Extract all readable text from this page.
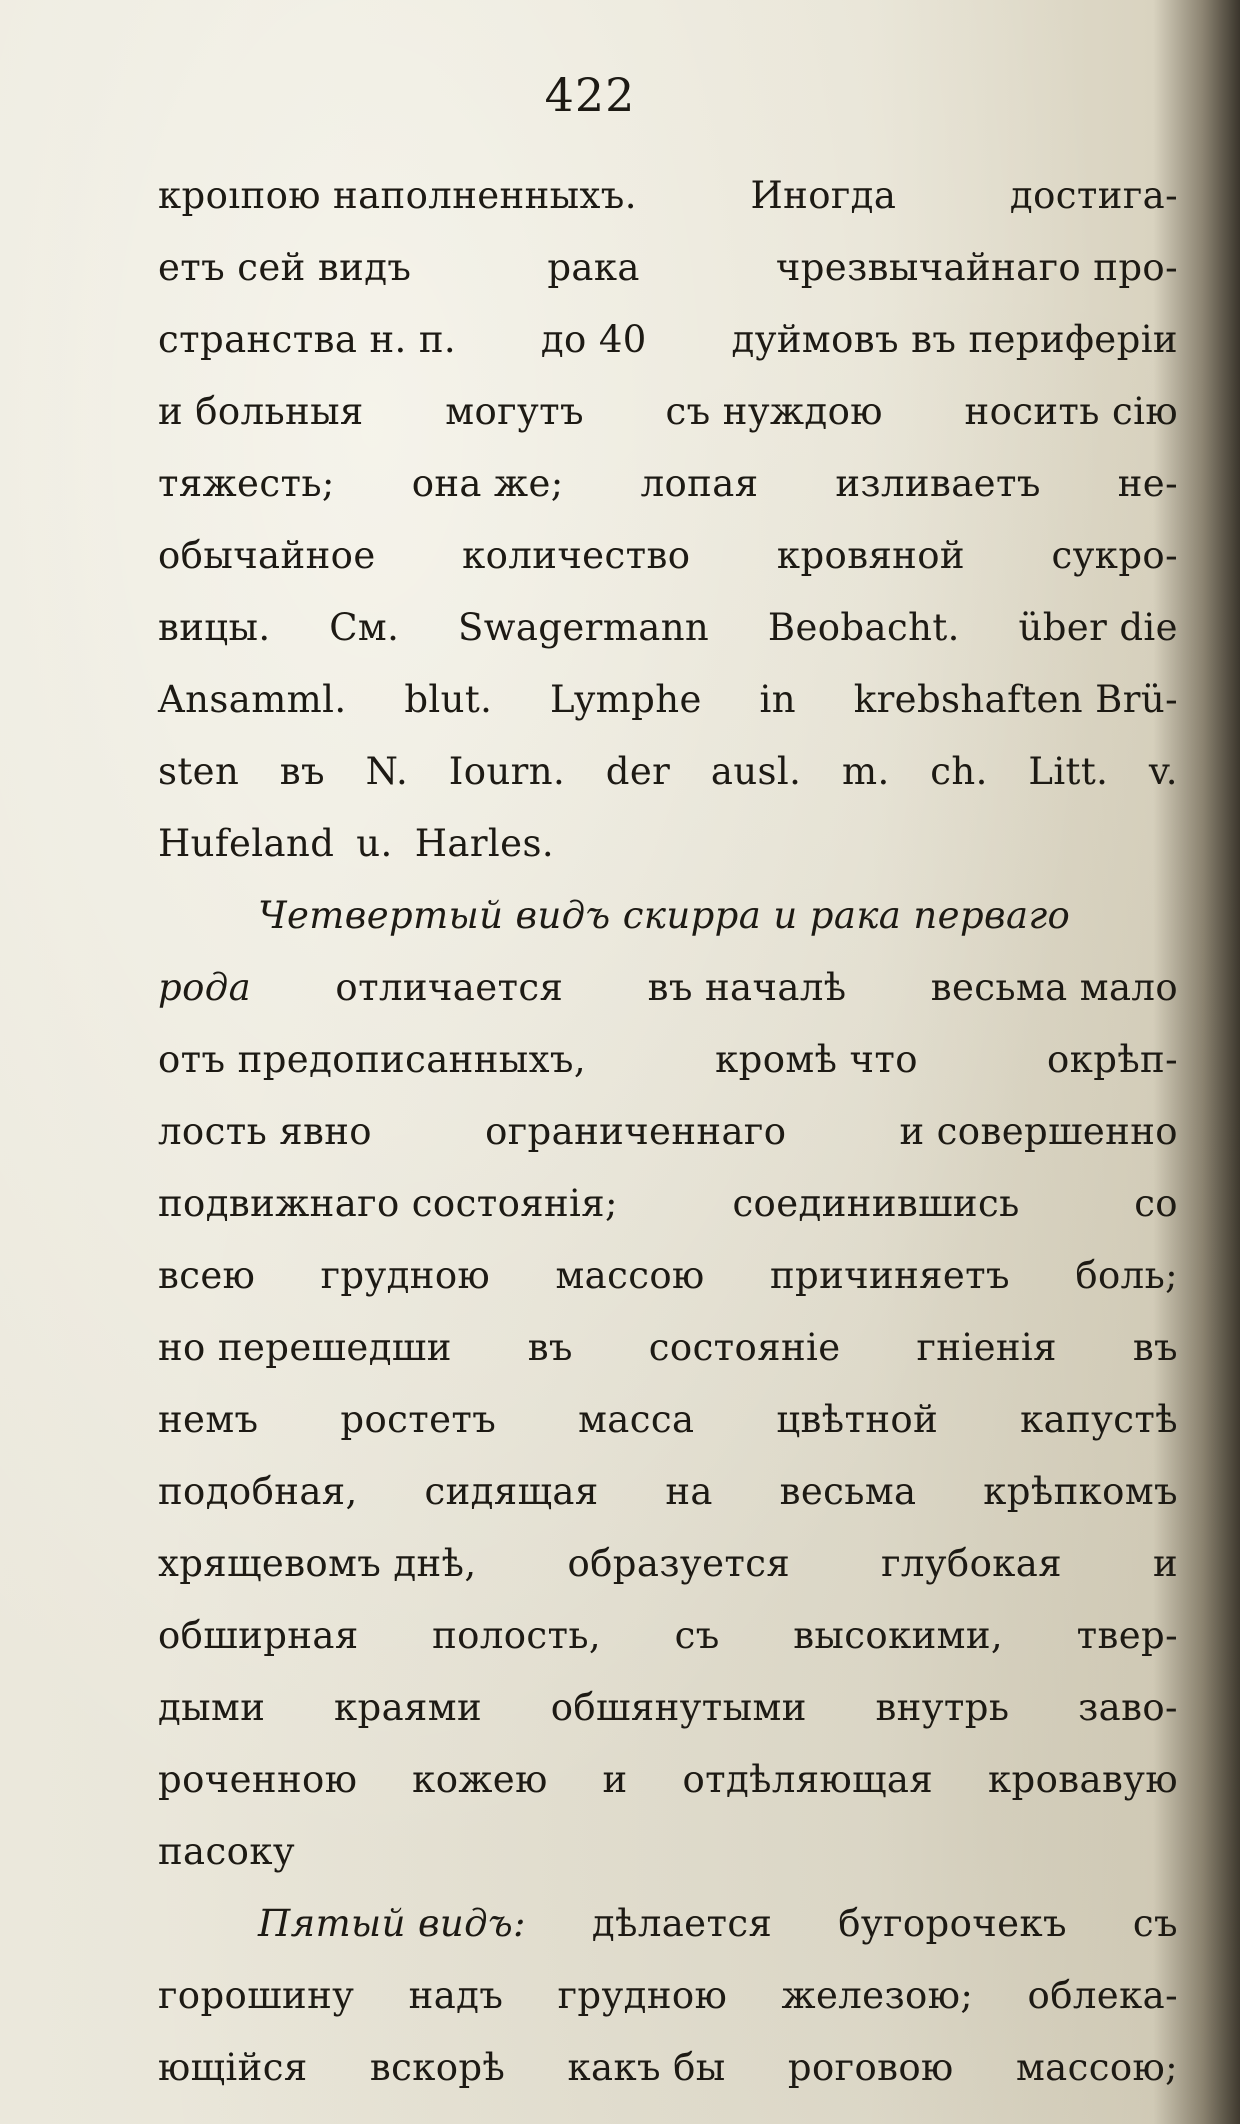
422
кроıпою наполненныхъ.	Иногда	достига-
етъ сей видъ	рака	чрезвычайнаго про-
странства н. п. до 40 дуймовъ въ периферіи
и больныя могутъ съ нуждою носить сію
тяжесть; она же; лопая изливаетъ не-
обычайное количество кровяной сукро-
вицы. См. Swagermann Beobacht. über die
Ansamml. blut. Lymphe in krebshaften Brü-
sten въ N. Iourn. der ausl. m. ch. Litt. v.
Hufeland u. Harles.
Четвертый видъ скирра и рака перваго
рода отличается въ началѣ весьма мало
отъ предописанныхъ,	кромѣ что	окрѣп-
лость явно	ограниченнаго	и совершенно
подвижнаго состоянія;	соединившись	со
всею грудною массою причиняетъ боль;
но перешедши въ состояніе гніенія въ
немъ ростетъ масса цвѣтной капустѣ
подобная, сидящая на весьма крѣпкомъ
хрящевомъ днѣ, образуется глубокая и
обширная полость, съ высокими, твер-
дыми краями обшянутыми внутрь заво-
роченною кожею и отдѣляющая кровавую
пасоку
Пятый видъ: дѣлается бугорочекъ съ
горошину надъ грудною железою; облека-
ющійся вскорѣ какъ бы роговою массою;
